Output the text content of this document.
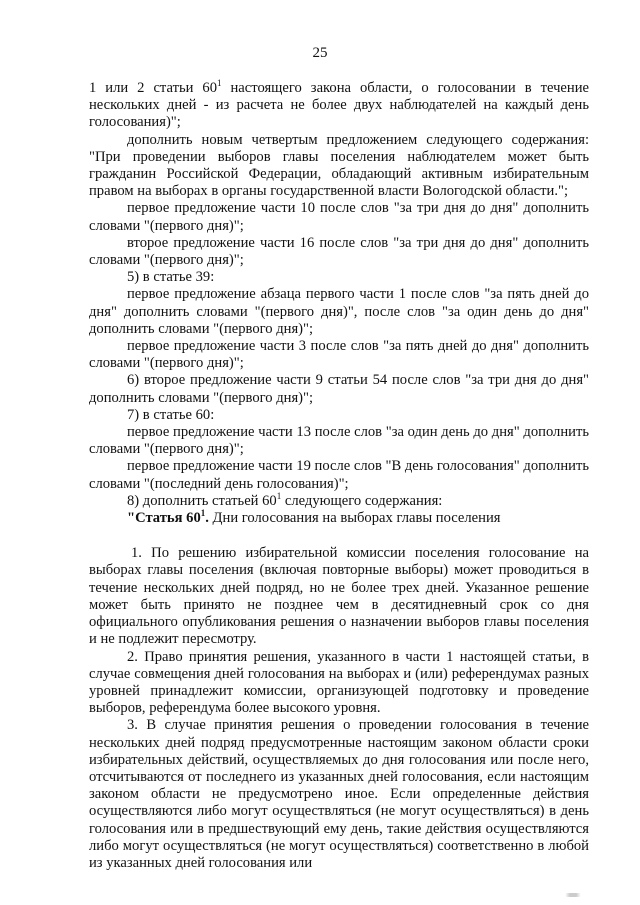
25

1 или 2 статьи $60^1$ настоящего закона области, о голосовании в течение нескольких дней - из расчета не более двух наблюдателей на каждый день голосования)";

дополнить новым четвертым предложением следующего содержания: "При проведении выборов главы поселения наблюдателем может быть гражданин Российской Федерации, обладающий активным избирательным правом на выборах в органы государственной власти Вологодской области.";

первое предложение части 10 после слов "за три дня до дня" дополнить словами "(первого дня)";

второе предложение части 16 после слов "за три дня до дня" дополнить словами "(первого дня)";

5) в статье 39:

первое предложение абзаца первого части 1 после слов "за пять дней до дня" дополнить словами "(первого дня)", после слов "за один день до дня" дополнить словами "(первого дня)";

первое предложение части 3 после слов "за пять дней до дня" дополнить словами "(первого дня)";

6) второе предложение части 9 статьи 54 после слов "за три дня до дня" дополнить словами "(первого дня)";

7) в статье 60:

первое предложение части 13 после слов "за один день до дня" дополнить словами "(первого дня)";

первое предложение части 19 после слов "В день голосования" дополнить словами "(последний день голосования)";

8) дополнить статьей $60^1$ следующего содержания:

"Статья $60^1$. Дни голосования на выборах главы поселения

1. По решению избирательной комиссии поселения голосование на выборах главы поселения (включая повторные выборы) может проводиться в течение нескольких дней подряд, но не более трех дней. Указанное решение может быть принято не позднее чем в десятидневный срок со дня официального опубликования решения о назначении выборов главы поселения и не подлежит пересмотру.

2. Право принятия решения, указанного в части 1 настоящей статьи, в случае совмещения дней голосования на выборах и (или) референдумах разных уровней принадлежит комиссии, организующей подготовку и проведение выборов, референдума более высокого уровня.

3. В случае принятия решения о проведении голосования в течение нескольких дней подряд предусмотренные настоящим законом области сроки избирательных действий, осуществляемых до дня голосования или после него, отсчитываются от последнего из указанных дней голосования, если настоящим законом области не предусмотрено иное. Если определенные действия осуществляются либо могут осуществляться (не могут осуществляться) в день голосования или в предшествующий ему день, такие действия осуществляются либо могут осуществляться (не могут осуществляться) соответственно в любой из указанных дней голосования или
